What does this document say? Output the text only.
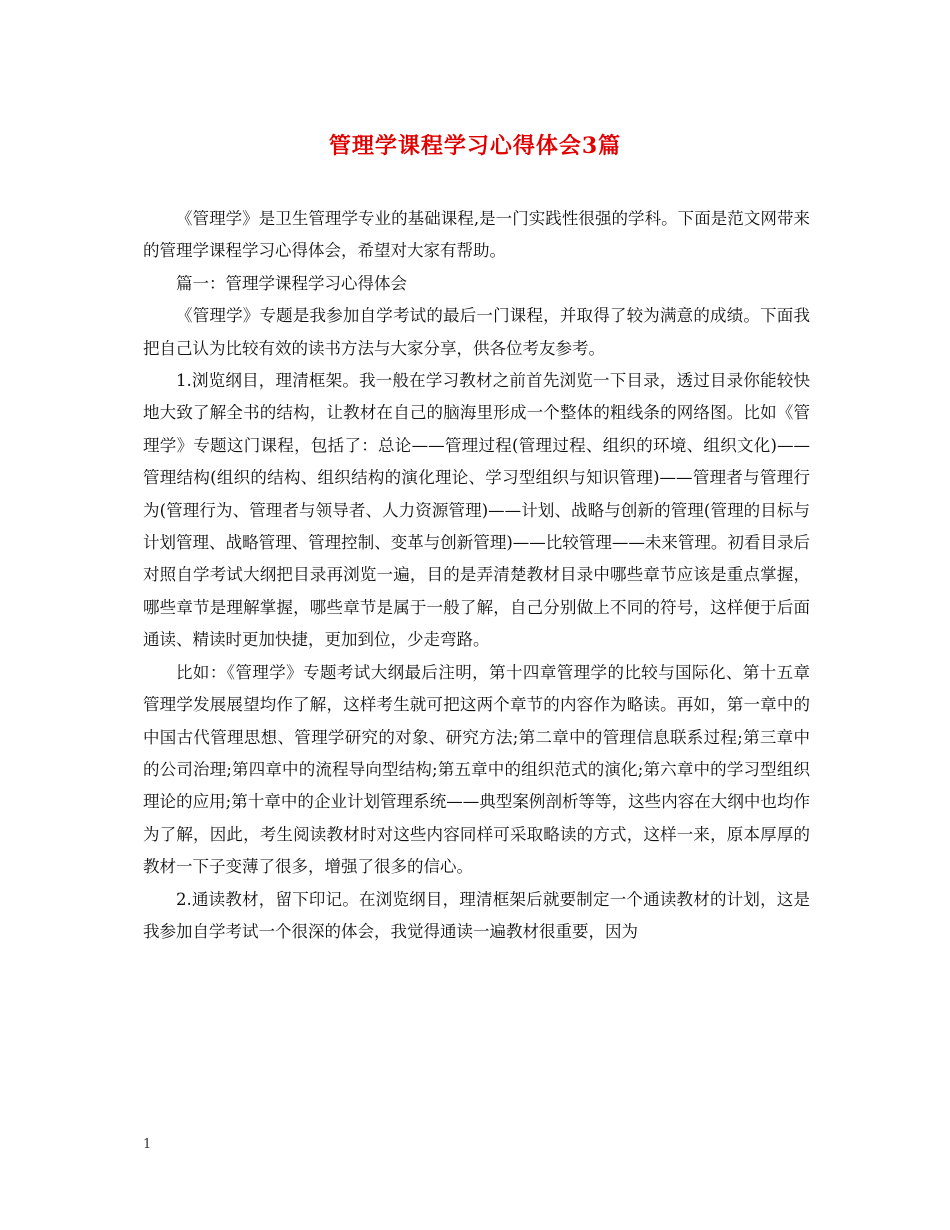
管理学课程学习心得体会3篇

《管理学》是卫生管理学专业的基础课程,是一门实践性很强的学科。下面是范文网带来的管理学课程学习心得体会，希望对大家有帮助。

篇一：管理学课程学习心得体会

《管理学》专题是我参加自学考试的最后一门课程，并取得了较为满意的成绩。下面我把自己认为比较有效的读书方法与大家分享，供各位考友参考。

1.浏览纲目，理清框架。我一般在学习教材之前首先浏览一下目录，透过目录你能较快地大致了解全书的结构，让教材在自己的脑海里形成一个整体的粗线条的网络图。比如《管理学》专题这门课程，包括了：总论——管理过程(管理过程、组织的环境、组织文化)——管理结构(组织的结构、组织结构的演化理论、学习型组织与知识管理)——管理者与管理行为(管理行为、管理者与领导者、人力资源管理)——计划、战略与创新的管理(管理的目标与计划管理、战略管理、管理控制、变革与创新管理)——比较管理——未来管理。初看目录后对照自学考试大纲把目录再浏览一遍，目的是弄清楚教材目录中哪些章节应该是重点掌握，哪些章节是理解掌握，哪些章节是属于一般了解，自己分别做上不同的符号，这样便于后面通读、精读时更加快捷，更加到位，少走弯路。

比如：《管理学》专题考试大纲最后注明，第十四章管理学的比较与国际化、第十五章管理学发展展望均作了解，这样考生就可把这两个章节的内容作为略读。再如，第一章中的中国古代管理思想、管理学研究的对象、研究方法;第二章中的管理信息联系过程;第三章中的公司治理;第四章中的流程导向型结构;第五章中的组织范式的演化;第六章中的学习型组织理论的应用;第十章中的企业计划管理系统——典型案例剖析等等，这些内容在大纲中也均作为了解，因此，考生阅读教材时对这些内容同样可采取略读的方式，这样一来，原本厚厚的教材一下子变薄了很多，增强了很多的信心。

2.通读教材，留下印记。在浏览纲目，理清框架后就要制定一个通读教材的计划，这是我参加自学考试一个很深的体会，我觉得通读一遍教材很重要，因为

1
